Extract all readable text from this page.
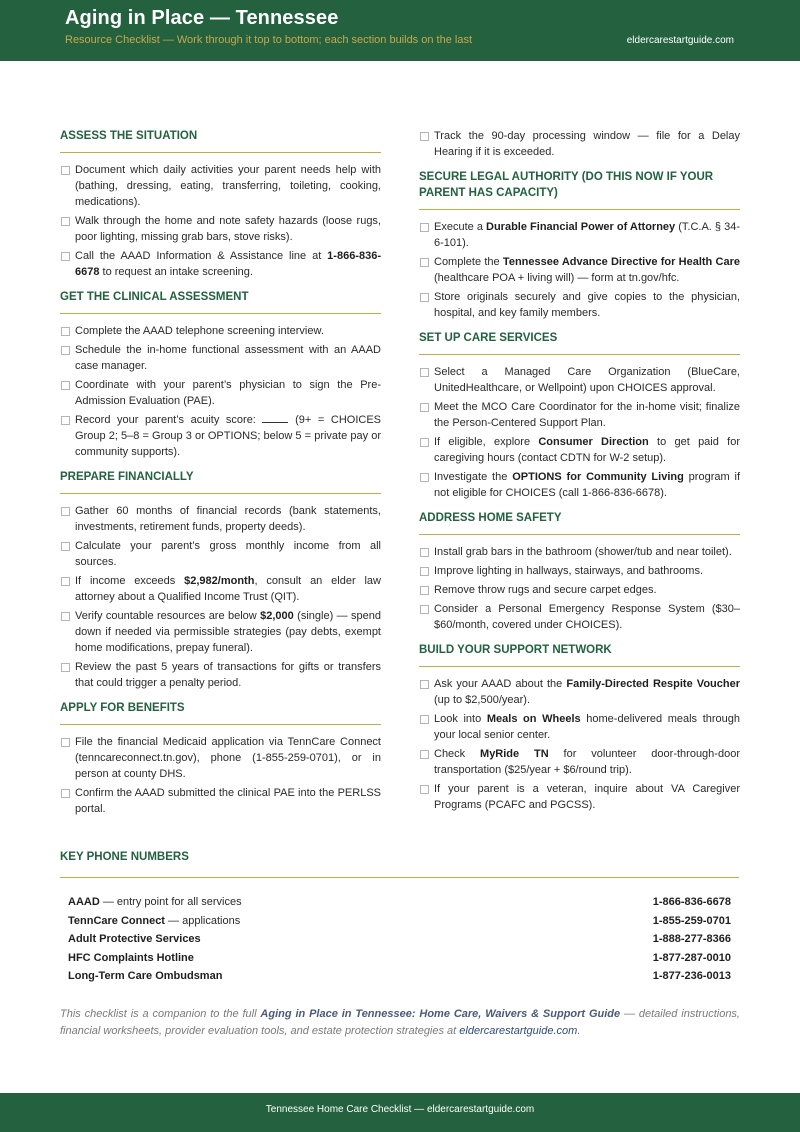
Aging in Place — Tennessee
Resource Checklist — Work through it top to bottom; each section builds on the last	eldercarestartguide.com
ASSESS THE SITUATION
Document which daily activities your parent needs help with (bathing, dressing, eating, transferring, toileting, cooking, medications).
Walk through the home and note safety hazards (loose rugs, poor lighting, missing grab bars, stove risks).
Call the AAAD Information & Assistance line at 1-866-836-6678 to request an intake screening.
GET THE CLINICAL ASSESSMENT
Complete the AAAD telephone screening interview.
Schedule the in-home functional assessment with an AAAD case manager.
Coordinate with your parent’s physician to sign the Pre-Admission Evaluation (PAE).
Record your parent’s acuity score:  (9+ = CHOICES Group 2; 5–8 = Group 3 or OPTIONS; below 5 = private pay or community supports).
PREPARE FINANCIALLY
Gather 60 months of financial records (bank statements, investments, retirement funds, property deeds).
Calculate your parent’s gross monthly income from all sources.
If income exceeds $2,982/month, consult an elder law attorney about a Qualified Income Trust (QIT).
Verify countable resources are below $2,000 (single) — spend down if needed via permissible strategies (pay debts, exempt home modifications, prepay funeral).
Review the past 5 years of transactions for gifts or transfers that could trigger a penalty period.
APPLY FOR BENEFITS
File the financial Medicaid application via TennCare Connect (tenncareconnect.tn.gov), phone (1-855-259-0701), or in person at county DHS.
Confirm the AAAD submitted the clinical PAE into the PERLSS portal.
Track the 90-day processing window — file for a Delay Hearing if it is exceeded.
SECURE LEGAL AUTHORITY (DO THIS NOW IF YOUR PARENT HAS CAPACITY)
Execute a Durable Financial Power of Attorney (T.C.A. § 34-6-101).
Complete the Tennessee Advance Directive for Health Care (healthcare POA + living will) — form at tn.gov/hfc.
Store originals securely and give copies to the physician, hospital, and key family members.
SET UP CARE SERVICES
Select a Managed Care Organization (BlueCare, UnitedHealthcare, or Wellpoint) upon CHOICES approval.
Meet the MCO Care Coordinator for the in-home visit; finalize the Person-Centered Support Plan.
If eligible, explore Consumer Direction to get paid for caregiving hours (contact CDTN for W-2 setup).
Investigate the OPTIONS for Community Living program if not eligible for CHOICES (call 1-866-836-6678).
ADDRESS HOME SAFETY
Install grab bars in the bathroom (shower/tub and near toilet).
Improve lighting in hallways, stairways, and bathrooms.
Remove throw rugs and secure carpet edges.
Consider a Personal Emergency Response System ($30–$60/month, covered under CHOICES).
BUILD YOUR SUPPORT NETWORK
Ask your AAAD about the Family-Directed Respite Voucher (up to $2,500/year).
Look into Meals on Wheels home-delivered meals through your local senior center.
Check MyRide TN for volunteer door-through-door transportation ($25/year + $6/round trip).
If your parent is a veteran, inquire about VA Caregiver Programs (PCAFC and PGCSS).
KEY PHONE NUMBERS
AAAD — entry point for all services	1-866-836-6678
TennCare Connect — applications	1-855-259-0701
Adult Protective Services	1-888-277-8366
HFC Complaints Hotline	1-877-287-0010
Long-Term Care Ombudsman	1-877-236-0013
This checklist is a companion to the full Aging in Place in Tennessee: Home Care, Waivers & Support Guide — detailed instructions, financial worksheets, provider evaluation tools, and estate protection strategies at eldercarestartguide.com.
Tennessee Home Care Checklist — eldercarestartguide.com
